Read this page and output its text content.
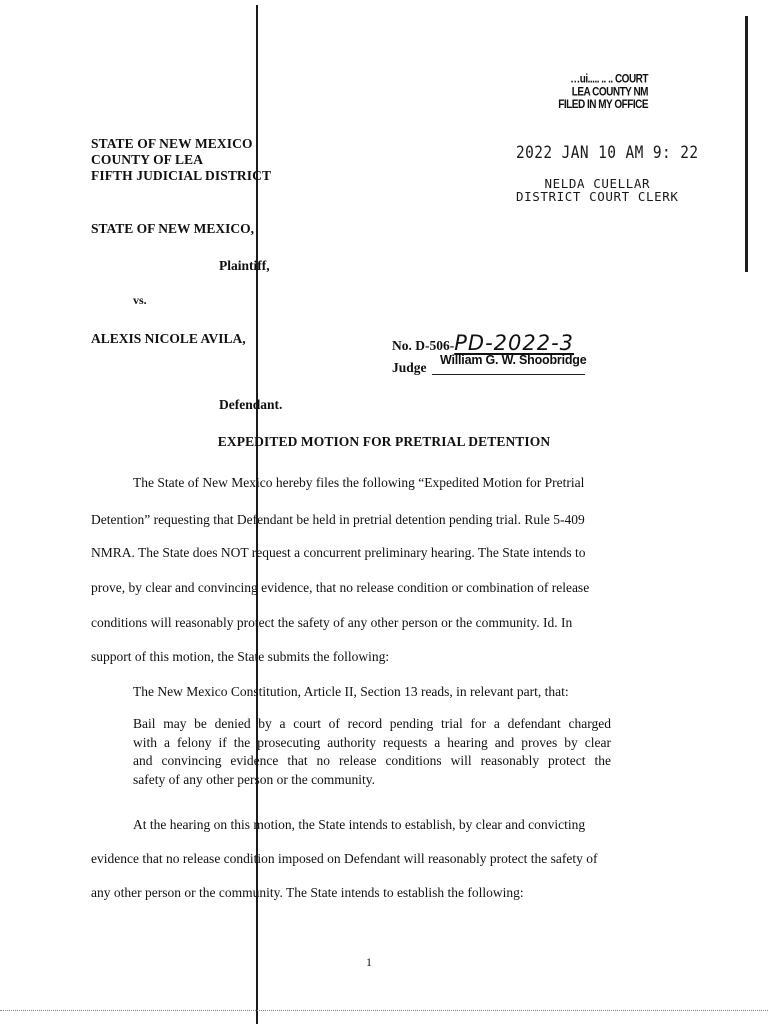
…ui..... .. .. COURT
LEA COUNTY NM
FILED IN MY OFFICE
2022 JAN 10 AM 9: 22
NELDA CUELLAR
DISTRICT COURT CLERK
STATE OF NEW MEXICO
COUNTY OF LEA
FIFTH JUDICIAL DISTRICT
STATE OF NEW MEXICO,
Plaintiff,
vs.
ALEXIS NICOLE AVILA,
Defendant.
No. D-506-PD-2022-3
Judge William G. W. Shoobridge
EXPEDITED MOTION FOR PRETRIAL DETENTION
The State of New Mexico hereby files the following “Expedited Motion for Pretrial
Detention” requesting that Defendant be held in pretrial detention pending trial. Rule 5-409
NMRA. The State does NOT request a concurrent preliminary hearing. The State intends to
prove, by clear and convincing evidence, that no release condition or combination of release
conditions will reasonably protect the safety of any other person or the community. Id. In
support of this motion, the State submits the following:
The New Mexico Constitution, Article II, Section 13 reads, in relevant part, that:
Bail may be denied by a court of record pending trial for a defendant charged
with a felony if the prosecuting authority requests a hearing and proves by clear
and convincing evidence that no release conditions will reasonably protect the
safety of any other person or the community.
At the hearing on this motion, the State intends to establish, by clear and convicting
evidence that no release condition imposed on Defendant will reasonably protect the safety of
any other person or the community. The State intends to establish the following:
1
